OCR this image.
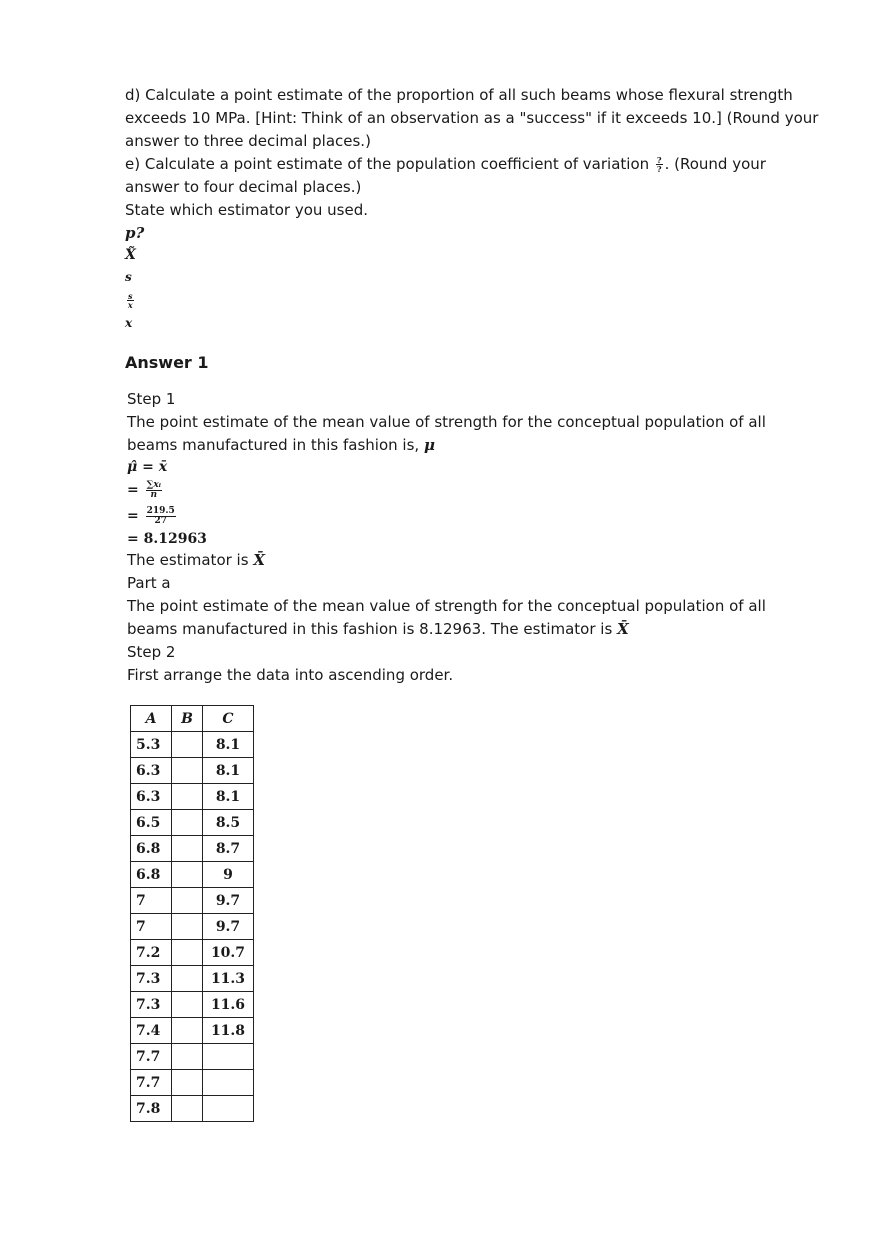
d) Calculate a point estimate of the proportion of all such beams whose flexural strength

exceeds 10 MPa. [Hint: Think of an observation as a "success" if it exceeds 10.] (Round your

answer to three decimal places.)

e) Calculate a point estimate of the population coefficient of variation $\frac{?}{?}$ . (Round your

answer to four decimal places.)

State which estimator you used.

p?

X̃

s

$\frac{s}{x}$

x

Answer 1

Step 1

The point estimate of the mean value of strength for the conceptual population of all

beams manufactured in this fashion is, μ

μ̂ = x̄

= $\frac{\text{∑xᵢ}}{n}$

= $\frac{219.5}{27}$

= 8.12963

The estimator is X̄

Part a

The point estimate of the mean value of strength for the conceptual population of all

beams manufactured in this fashion is 8.12963. The estimator is X̄

Step 2

First arrange the data into ascending order.

A	B	C
5.3		8.1
6.3		8.1
6.3		8.1
6.5		8.5
6.8		8.7
6.8		9
7		9.7
7		9.7
7.2		10.7
7.3		11.3
7.3		11.6
7.4		11.8
7.7		
7.7		
7.8		
